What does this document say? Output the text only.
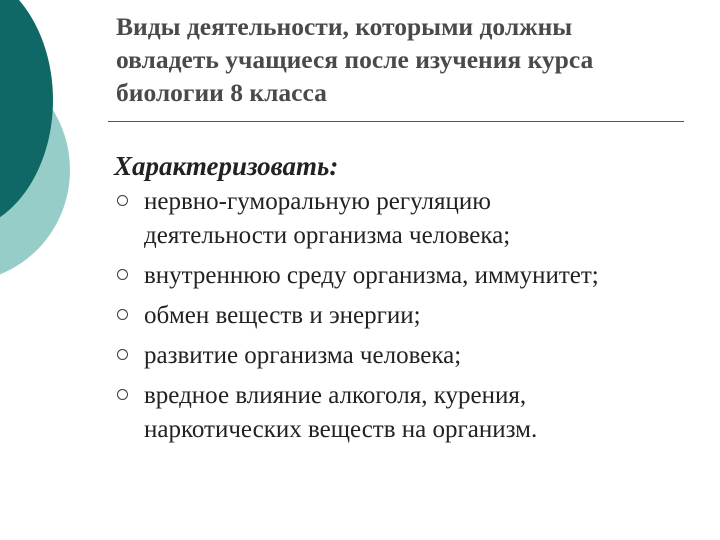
Виды деятельности, которыми должны
овладеть учащиеся после изучения курса
биологии 8 класса

Характеризовать:

нервно-гуморальную регуляцию
деятельности организма человека;
внутреннюю среду организма, иммунитет;
обмен веществ и энергии;
развитие организма человека;
вредное влияние алкоголя, курения,
наркотических веществ на организм.
